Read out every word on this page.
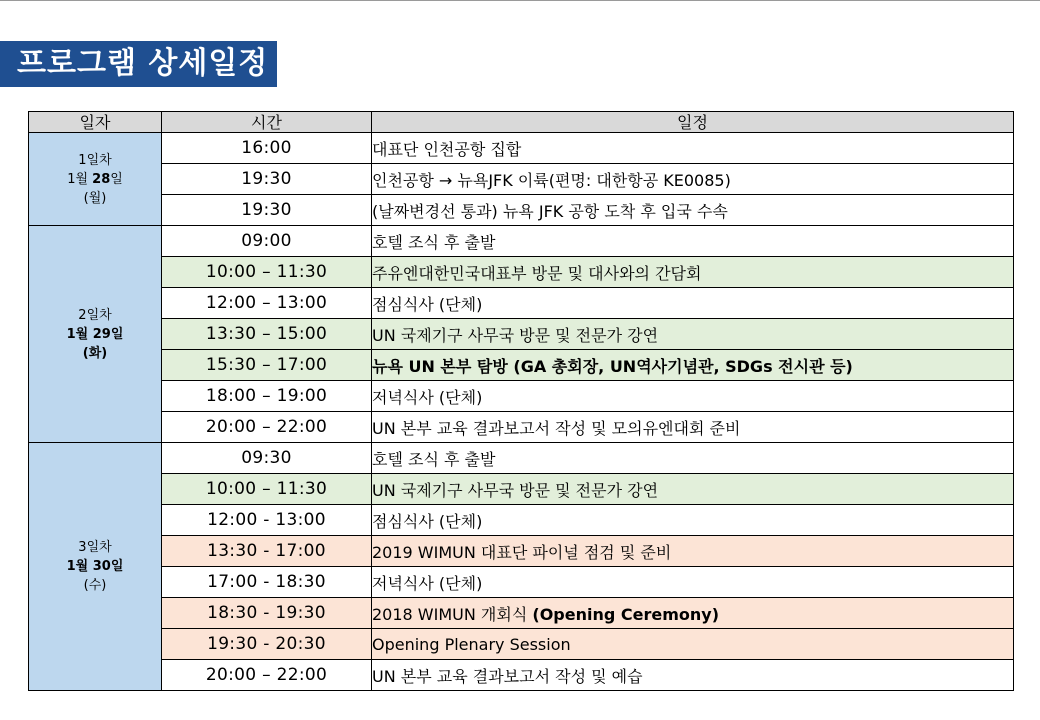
프로그램 상세일정
일자	시간	일정

1일차
1월 28일
(월)	16:00	대표단 인천공항 집합
	19:30	인천공항 → 뉴욕JFK 이륙(편명: 대한항공 KE0085)
	19:30	(날짜변경선 통과) 뉴욕 JFK 공항 도착 후 입국 수속

2일차
1월 29일
(화)	09:00	호텔 조식 후 출발
	10:00 – 11:30	주유엔대한민국대표부 방문 및 대사와의 간담회
	12:00 – 13:00	점심식사 (단체)
	13:30 – 15:00	UN 국제기구 사무국 방문 및 전문가 강연
	15:30 – 17:00	뉴욕 UN 본부 탐방 (GA 총회장, UN역사기념관, SDGs 전시관 등)
	18:00 – 19:00	저녁식사 (단체)
	20:00 – 22:00	UN 본부 교육 결과보고서 작성 및 모의유엔대회 준비

3일차
1월 30일
(수)	09:30	호텔 조식 후 출발
	10:00 – 11:30	UN 국제기구 사무국 방문 및 전문가 강연
	12:00 - 13:00	점심식사 (단체)
	13:30 - 17:00	2019 WIMUN 대표단 파이널 점검 및 준비
	17:00 - 18:30	저녁식사 (단체)
	18:30 - 19:30	2018 WIMUN 개회식 (Opening Ceremony)
	19:30 - 20:30	Opening Plenary Session
	20:00 – 22:00	UN 본부 교육 결과보고서 작성 및 예습
